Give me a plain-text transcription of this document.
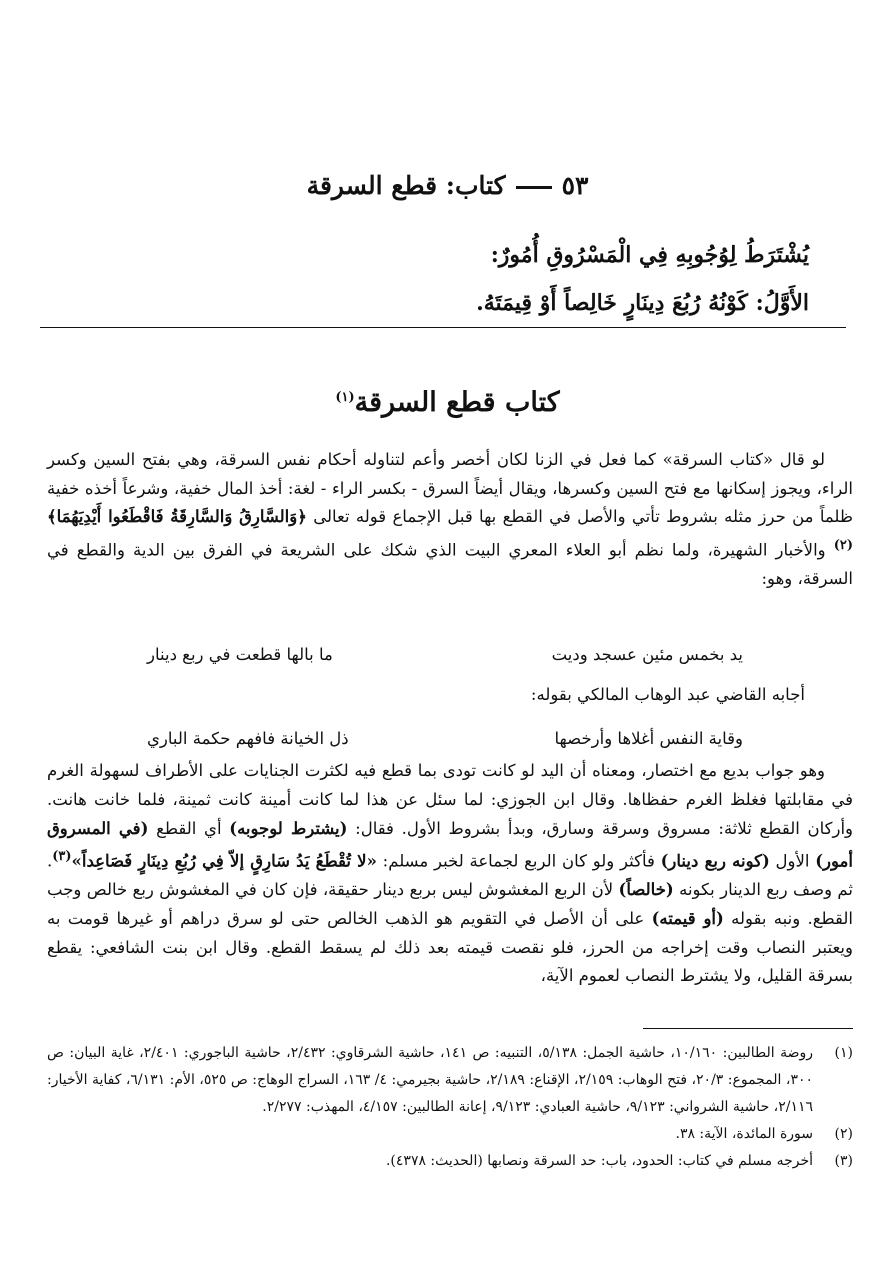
٥٣كتاب: قطع السرقة
يُشْتَرَطُ لِوُجُوبِهِ فِي الْمَسْرُوقِ أُمُورٌ:
الأَوَّلُ: كَوْنُهُ رُبُعَ دِينَارٍ خَالِصاً أَوْ قِيمَتَهُ.
كتاب قطع السرقة$^{(١)}$

لو قال «كتاب السرقة» كما فعل في الزنا لكان أخصر وأعم لتناوله أحكام نفس السرقة، وهي بفتح السين وكسر الراء، ويجوز إسكانها مع فتح السين وكسرها، ويقال أيضاً السرق - بكسر الراء - لغة: أخذ المال خفية، وشرعاً أخذه خفية ظلماً من حرز مثله بشروط تأتي والأصل في القطع بها قبل الإجماع قوله تعالى ﴿وَالسَّارِقُ وَالسَّارِقَةُ فَاقْطَعُوا أَيْدِيَهُمَا﴾$^{(٢)}$ والأخبار الشهيرة، ولما نظم أبو العلاء المعري البيت الذي شكك على الشريعة في الفرق بين الدية والقطع في السرقة، وهو:

يد بخمس مئين عسجد وديت
ما بالها قطعت في ربع دينار

أجابه القاضي عبد الوهاب المالكي بقوله:

وقاية النفس أغلاها وأرخصها
ذل الخيانة فافهم حكمة الباري

وهو جواب بديع مع اختصار، ومعناه أن اليد لو كانت تودى بما قطع فيه لكثرت الجنايات على الأطراف لسهولة الغرم في مقابلتها فغلظ الغرم حفظاها. وقال ابن الجوزي: لما سئل عن هذا لما كانت أمينة كانت ثمينة، فلما خانت هانت. وأركان القطع ثلاثة: مسروق وسرقة وسارق، وبدأ بشروط الأول. فقال: (يشترط لوجوبه) أي القطع (في المسروق أمور) الأول (كونه ربع دينار) فأكثر ولو كان الربع لجماعة لخبر مسلم: «لا تُقْطَعُ يَدُ سَارِقٍ إلاّ فِي رُبُعِ دِينَارٍ فَصَاعِداً»$^{(٣)}$. ثم وصف ربع الدينار بكونه (خالصاً) لأن الربع المغشوش ليس بربع دينار حقيقة، فإن كان في المغشوش ربع خالص وجب القطع. ونبه بقوله (أو قيمته) على أن الأصل في التقويم هو الذهب الخالص حتى لو سرق دراهم أو غيرها قومت به ويعتبر النصاب وقت إخراجه من الحرز، فلو نقصت قيمته بعد ذلك لم يسقط القطع. وقال ابن بنت الشافعي: يقطع بسرقة القليل، ولا يشترط النصاب لعموم الآية،

(١)
روضة الطالبين: ١٠/١٦٠، حاشية الجمل: ٥/١٣٨، التنبيه: ص ١٤١، حاشية الشرقاوي: ٢/٤٣٢، حاشية الباجوري: ٢/٤٠١، غاية البيان: ص ٣٠٠، المجموع: ٢٠/٣، فتح الوهاب: ٢/١٥٩، الإقناع: ٢/١٨٩، حاشية بجيرمي: ٤/ ١٦٣، السراج الوهاج: ص ٥٢٥، الأم: ٦/١٣١، كفاية الأخيار: ٢/١١٦، حاشية الشرواني: ٩/١٢٣، حاشية العبادي: ٩/١٢٣، إعانة الطالبين: ٤/١٥٧، المهذب: ٢/٢٧٧.
(٢)
سورة المائدة، الآية: ٣٨.
(٣)
أخرجه مسلم في كتاب: الحدود، باب: حد السرقة ونصابها (الحديث: ٤٣٧٨).
